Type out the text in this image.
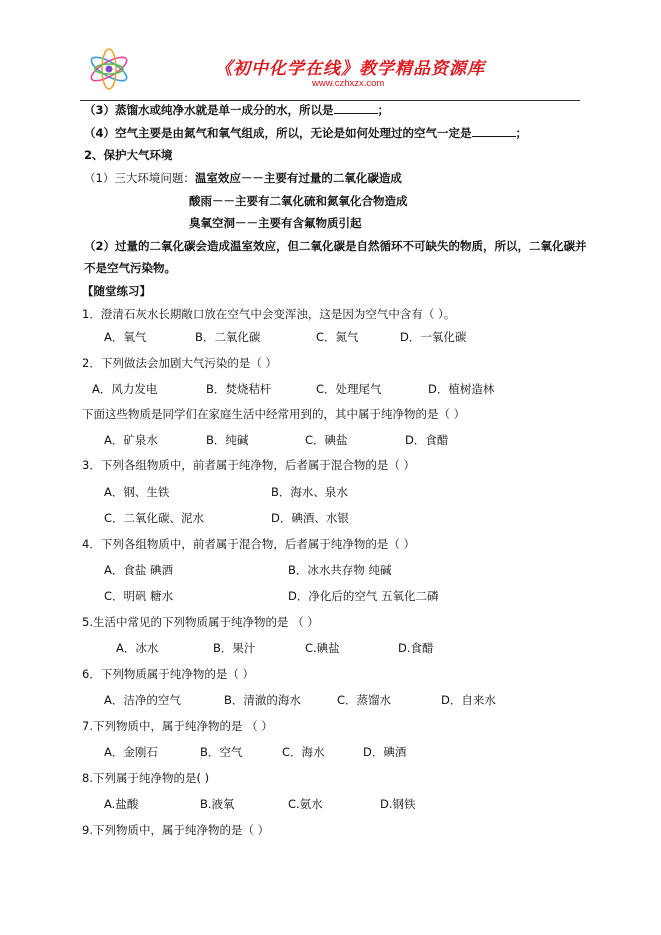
《初中化学在线》教学精品资源库
www.czhxzx.com
（3）蒸馏水或纯净水就是单一成分的水，所以是	；
（4）空气主要是由氮气和氧气组成，所以，无论是如何处理过的空气一定是	；
2、保护大气环境
（1）三大环境问题：温室效应－－主要有过量的二氧化碳造成
酸雨－－主要有二氧化硫和氮氧化合物造成
臭氧空洞－－主要有含氟物质引起
（2）过量的二氧化碳会造成温室效应，但二氧化碳是自然循环不可缺失的物质，所以，二氧化碳并
不是空气污染物。
【随堂练习】
1．澄清石灰水长期敞口放在空气中会变浑浊，这是因为空气中含有（ ）。
A．氧气	B．二氧化碳	C．氮气	D．一氧化碳
2．下列做法会加剧大气污染的是（ ）
A．风力发电	B．焚烧秸杆	C．处理尾气	D．植树造林
下面这些物质是同学们在家庭生活中经常用到的，其中属于纯净物的是（ ）
A．矿泉水	B．纯碱	C．碘盐	D．食醋
3．下列各组物质中，前者属于纯净物，后者属于混合物的是（ ）
A．钢、生铁	B．海水、泉水
C．二氧化碳、泥水	D．碘酒、水银
4．下列各组物质中，前者属于混合物，后者属于纯净物的是（ ）
A．食盐 碘酒	B．冰水共存物 纯碱
C．明矾 糖水	D．净化后的空气 五氧化二磷
5.生活中常见的下列物质属于纯净物的是 （ ）
A．冰水	B．果汁	C.碘盐	D.食醋
6．下列物质属于纯净物的是（ ）
A．洁净的空气	B．清澈的海水	C．蒸馏水	D．自来水
7.下列物质中，属于纯净物的是 （ ）
A．金刚石	B．空气	C．海水	D．碘酒
8.下列属于纯净物的是( )
A.盐酸	B.液氧	C.氨水	D.钢铁
9.下列物质中，属于纯净物的是（ ）
